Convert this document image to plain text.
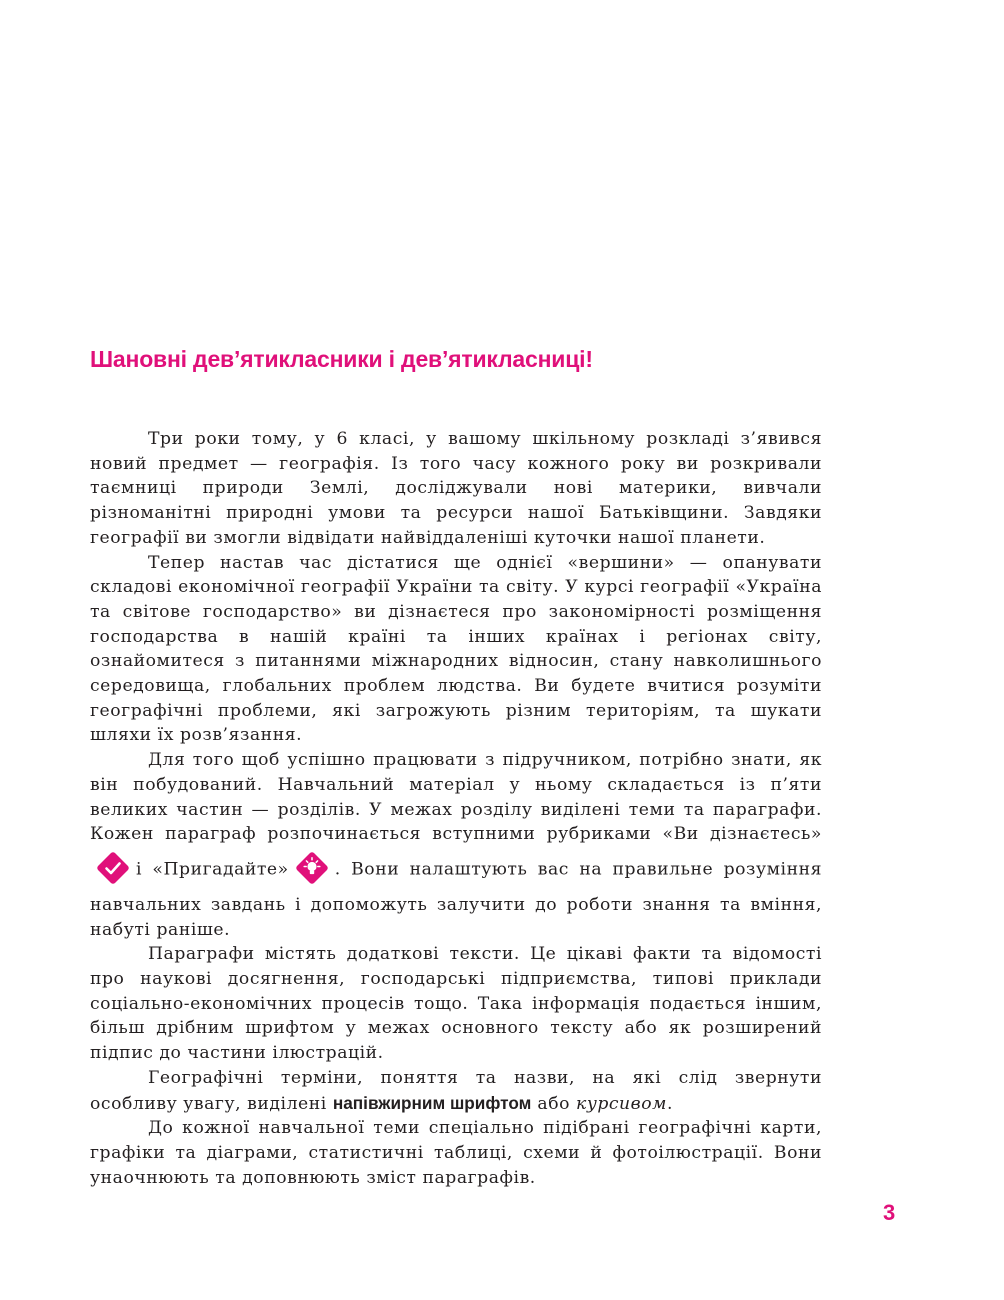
Шановні дев’ятикласники і дев’ятикласниці!

Три роки тому, у 6 класі, у вашому шкільному розкладі з’явився новий предмет — географія. Із того часу кожного року ви розкривали таємниці природи Землі, досліджували нові материки, вивчали різноманітні природні умови та ресурси нашої Батьківщини. Завдяки географії ви змогли відвідати найвіддаленіші куточки нашої планети.

Тепер настав час дістатися ще однієї «вершини» — опанувати складові економічної географії України та світу. У курсі географії «Україна та світове господарство» ви дізнаєтеся про закономірності розміщення господарства в нашій країні та інших країнах і регіонах світу, ознайомитеся з питаннями міжнародних відносин, стану навколишнього середовища, глобальних проблем людства. Ви будете вчитися розуміти географічні проблеми, які загрожують різним територіям, та шукати шляхи їх розв’язання.

Для того щоб успішно працювати з підручником, потрібно знати, як він побудований. Навчальний матеріал у ньому складається із п’яти великих частин — розділів. У межах розділу виділені теми та параграфи. Кожен параграф розпочинається вступними рубриками «Ви дізнаєтесь»
і «Пригадайте»	. Вони налаштують вас на правильне розуміння навчальних завдань і допоможуть залучити до роботи знання та вміння, набуті раніше.

Параграфи містять додаткові тексти. Це цікаві факти та відомості про наукові досягнення, господарські підприємства, типові приклади соціально-економічних процесів тощо. Така інформація подається іншим, більш дрібним шрифтом у межах основного тексту або як розширений підпис до частини ілюстрацій.

Географічні терміни, поняття та назви, на які слід звернути особливу увагу, виділені напівжирним шрифтом або курсивом.

До кожної навчальної теми спеціально підібрані географічні карти, графіки та діаграми, статистичні таблиці, схеми й фотоілюстрації. Вони унаочнюють та доповнюють зміст параграфів.

3
